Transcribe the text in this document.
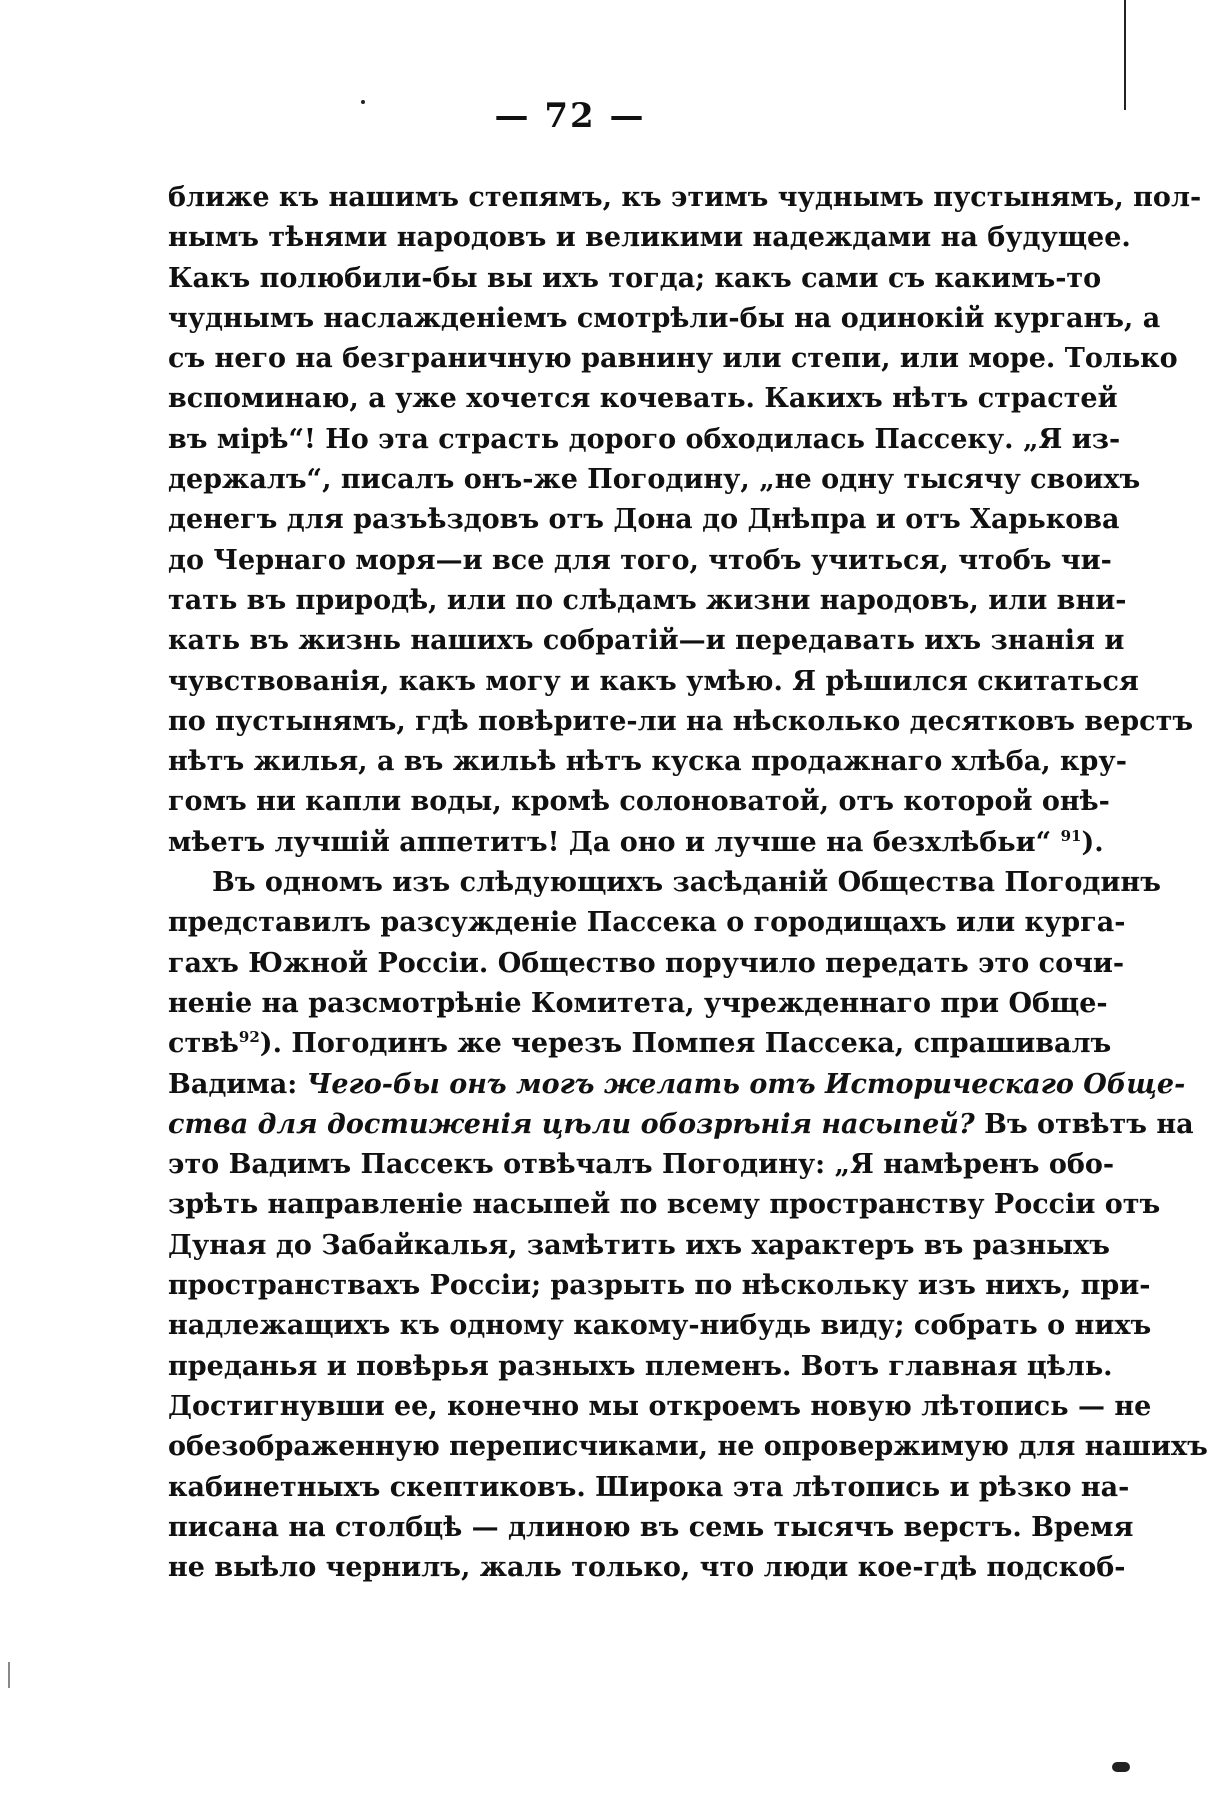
— 72 —
ближе къ нашимъ степямъ, къ этимъ чуднымъ пустынямъ, пол-
нымъ тѣнями народовъ и великими надеждами на будущее.
Какъ полюбили-бы вы ихъ тогда; какъ сами съ какимъ-то
чуднымъ наслажденіемъ смотрѣли-бы на одинокій курганъ, а
съ него на безграничную равнину или степи, или море. Только
вспоминаю, а уже хочется кочевать. Какихъ нѣтъ страстей
въ мірѣ“! Но эта страсть дорого обходилась Пассеку. „Я из-
держалъ“, писалъ онъ-же Погодину, „не одну тысячу своихъ
денегъ для разъѣздовъ отъ Дона до Днѣпра и отъ Харькова
до Чернаго моря—и все для того, чтобъ учиться, чтобъ чи-
тать въ природѣ, или по слѣдамъ жизни народовъ, или вни-
кать въ жизнь нашихъ собратій—и передавать ихъ знанія и
чувствованія, какъ могу и какъ умѣю. Я рѣшился скитаться
по пустынямъ, гдѣ повѣрите-ли на нѣсколько десятковъ верстъ
нѣтъ жилья, а въ жильѣ нѣтъ куска продажнаго хлѣба, кру-
гомъ ни капли воды, кромѣ солоноватой, отъ которой онѣ-
мѣетъ лучшій аппетитъ! Да оно и лучше на безхлѣбьи“ $^{91}$).
Въ одномъ изъ слѣдующихъ засѣданій Общества Погодинъ
представилъ разсужденіе Пассека о городищахъ или курга-
гахъ Южной Россіи. Общество поручило передать это сочи-
неніе на разсмотрѣніе Комитета, учрежденнаго при Обще-
ствѣ$^{92}$). Погодинъ же черезъ Помпея Пассека, спрашивалъ
Вадима: Чего-бы онъ могъ желать отъ Историческаго Обще-
ства для достиженія цѣли обозрѣнія насыпей? Въ отвѣтъ на
это Вадимъ Пассекъ отвѣчалъ Погодину: „Я намѣренъ обо-
зрѣть направленіе насыпей по всему пространству Россіи отъ
Дуная до Забайкалья, замѣтить ихъ характеръ въ разныхъ
пространствахъ Россіи; разрыть по нѣскольку изъ нихъ, при-
надлежащихъ къ одному какому-нибудь виду; собрать о нихъ
преданья и повѣрья разныхъ племенъ. Вотъ главная цѣль.
Достигнувши ее, конечно мы откроемъ новую лѣтопись — не
обезображенную переписчиками, не опровержимую для нашихъ
кабинетныхъ скептиковъ. Широка эта лѣтопись и рѣзко на-
писана на столбцѣ — длиною въ семь тысячъ верстъ. Время
не выѣло чернилъ, жаль только, что люди кое-гдѣ подскоб-
